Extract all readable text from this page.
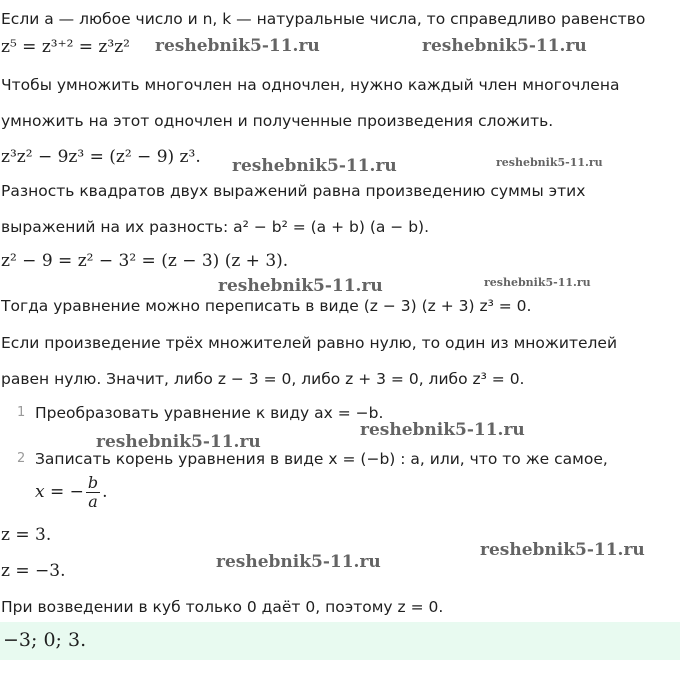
Если a — любое число и n, k — натуральные числа, то справедливо равенство
z⁵ = z³⁺² = z³z²
Чтобы умножить многочлен на одночлен, нужно каждый член многочлена
умножить на этот одночлен и полученные произведения сложить.
z³z² − 9z³ = (z² − 9) z³.
Разность квадратов двух выражений равна произведению суммы этих
выражений на их разность: a² − b² = (a + b) (a − b).
z² − 9 = z² − 3² = (z − 3) (z + 3).
Тогда уравнение можно переписать в виде (z − 3) (z + 3) z³ = 0.
Если произведение трёх множителей равно нулю, то один из множителей
равен нулю. Значит, либо z − 3 = 0, либо z + 3 = 0, либо z³ = 0.
1 Преобразовать уравнение к виду ax = −b.
2 Записать корень уравнения в виде x = (−b) : a, или, что то же самое,
x = − $\frac{b}{a}$ .
z = 3.
z = −3.
При возведении в куб только 0 даёт 0, поэтому z = 0.
−3; 0; 3.
reshebnik5-11.ru	reshebnik5-11.ru
reshebnik5-11.ru	reshebnik5-11.ru
reshebnik5-11.ru	reshebnik5-11.ru
reshebnik5-11.ru
reshebnik5-11.ru
reshebnik5-11.ru
reshebnik5-11.ru
